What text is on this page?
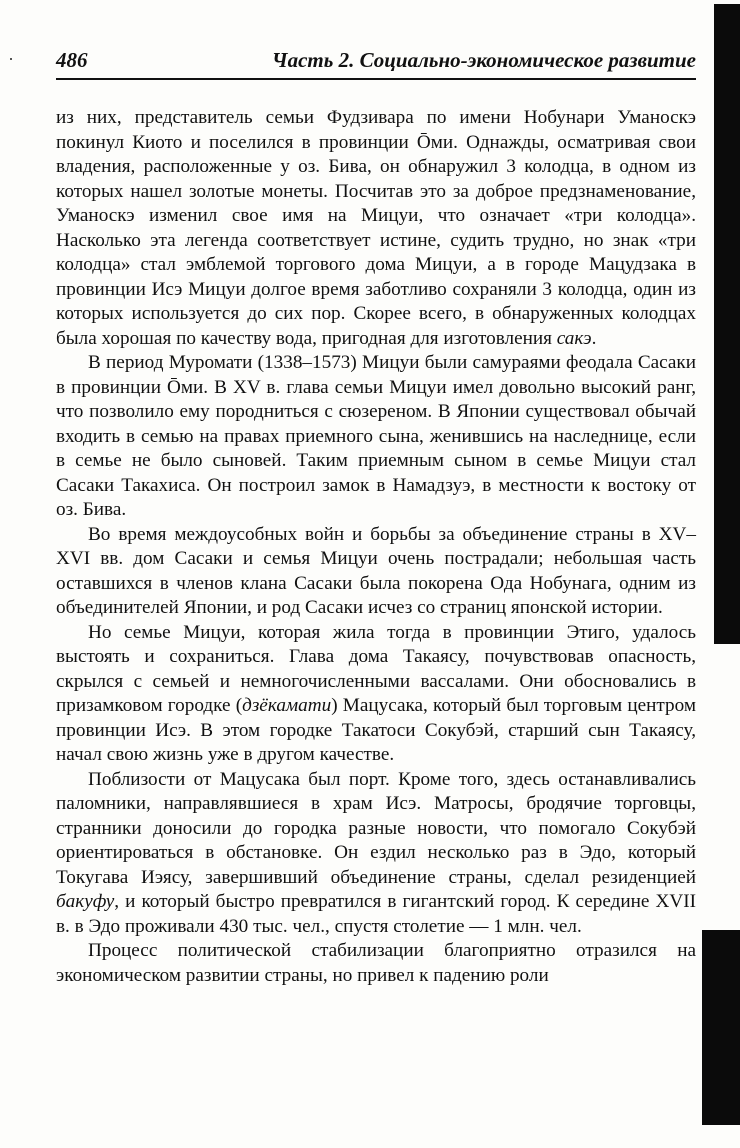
486	Часть 2. Социально-экономическое развитие

из них, представитель семьи Фудзивара по имени Нобунари Уманоскэ покинул Киото и поселился в провинции Ōми. Однажды, осматривая свои владения, расположенные у оз. Бива, он обнаружил 3 колодца, в одном из которых нашел золотые монеты. Посчитав это за доброе предзнаменование, Уманоскэ изменил свое имя на Мицуи, что означает «три колодца». Насколько эта легенда соответствует истине, судить трудно, но знак «три колодца» стал эмблемой торгового дома Мицуи, а в городе Мацудзака в провинции Исэ Мицуи долгое время заботливо сохраняли 3 колодца, один из которых используется до сих пор. Скорее всего, в обнаруженных колодцах была хорошая по качеству вода, пригодная для изготовления сакэ.

В период Муромати (1338–1573) Мицуи были самураями феодала Сасаки в провинции Ōми. В XV в. глава семьи Мицуи имел довольно высокий ранг, что позволило ему породниться с сюзереном. В Японии существовал обычай входить в семью на правах приемного сына, женившись на наследнице, если в семье не было сыновей. Таким приемным сыном в семье Мицуи стал Сасаки Такахиса. Он построил замок в Намадзуэ, в местности к востоку от оз. Бива.

Во время междоусобных войн и борьбы за объединение страны в XV–XVI вв. дом Сасаки и семья Мицуи очень пострадали; небольшая часть оставшихся в членов клана Сасаки была покорена Ода Нобунага, одним из объединителей Японии, и род Сасаки исчез со страниц японской истории.

Но семье Мицуи, которая жила тогда в провинции Этиго, удалось выстоять и сохраниться. Глава дома Такаясу, почувствовав опасность, скрылся с семьей и немногочисленными вассалами. Они обосновались в призамковом городке (дзёкамати) Мацусака, который был торговым центром провинции Исэ. В этом городке Такатоси Сокубэй, старший сын Такаясу, начал свою жизнь уже в другом качестве.

Поблизости от Мацусака был порт. Кроме того, здесь останавливались паломники, направлявшиеся в храм Исэ. Матросы, бродячие торговцы, странники доносили до городка разные новости, что помогало Сокубэй ориентироваться в обстановке. Он ездил несколько раз в Эдо, который Токугава Иэясу, завершивший объединение страны, сделал резиденцией бакуфу, и который быстро превратился в гигантский город. К середине XVII в. в Эдо проживали 430 тыс. чел., спустя столетие — 1 млн. чел.

Процесс политической стабилизации благоприятно отразился на экономическом развитии страны, но привел к падению роли
